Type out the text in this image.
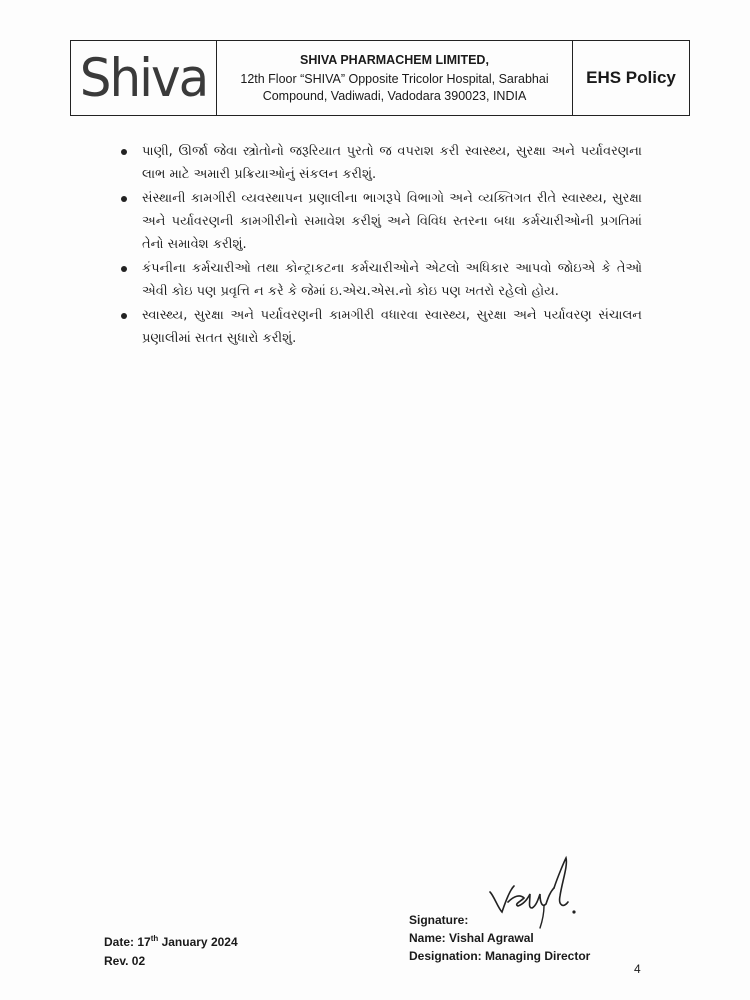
Shiva	SHIVA PHARMACHEM LIMITED,
12th Floor “SHIVA” Opposite Tricolor Hospital, Sarabhai
Compound, Vadiwadi, Vadodara 390023, INDIA
EHS Policy
પાણી, ઊર્જા જેવા સ્ત્રોતોનો જરૂરિયાત પુરતો જ વપરાશ કરી સ્વાસ્થ્ય, સુરક્ષા અને પર્યાવરણના લાભ માટે અમારી પ્રક્રિયાઓનું સંકલન કરીશું.
સંસ્થાની કામગીરી વ્યવસ્થાપન પ્રણાલીના ભાગરૂપે વિભાગો અને વ્યક્તિગત રીતે સ્વાસ્થ્ય, સુરક્ષા અને પર્યાવરણની કામગીરીનો સમાવેશ કરીશું અને વિવિધ સ્તરના બધા કર્મચારીઓની પ્રગતિમાં તેનો સમાવેશ કરીશું.
કંપનીના કર્મચારીઓ તથા કોન્ટ્રાકટના કર્મચારીઓને એટલો અધિકાર આપવો જોઇએ કે તેઓ એવી કોઇ પણ પ્રવૃત્તિ ન કરે કે જેમાં ઇ.એચ.એસ.નો કોઇ પણ ખતરો રહેલો હોય.
સ્વાસ્થ્ય, સુરક્ષા અને પર્યાવરણની કામગીરી વધારવા સ્વાસ્થ્ય, સુરક્ષા અને પર્યાવરણ સંચાલન પ્રણાલીમાં સતત સુધારો કરીશું.
Date: 17th January 2024
Rev. 02
Signature:
Name: Vishal Agrawal
Designation: Managing Director
4
